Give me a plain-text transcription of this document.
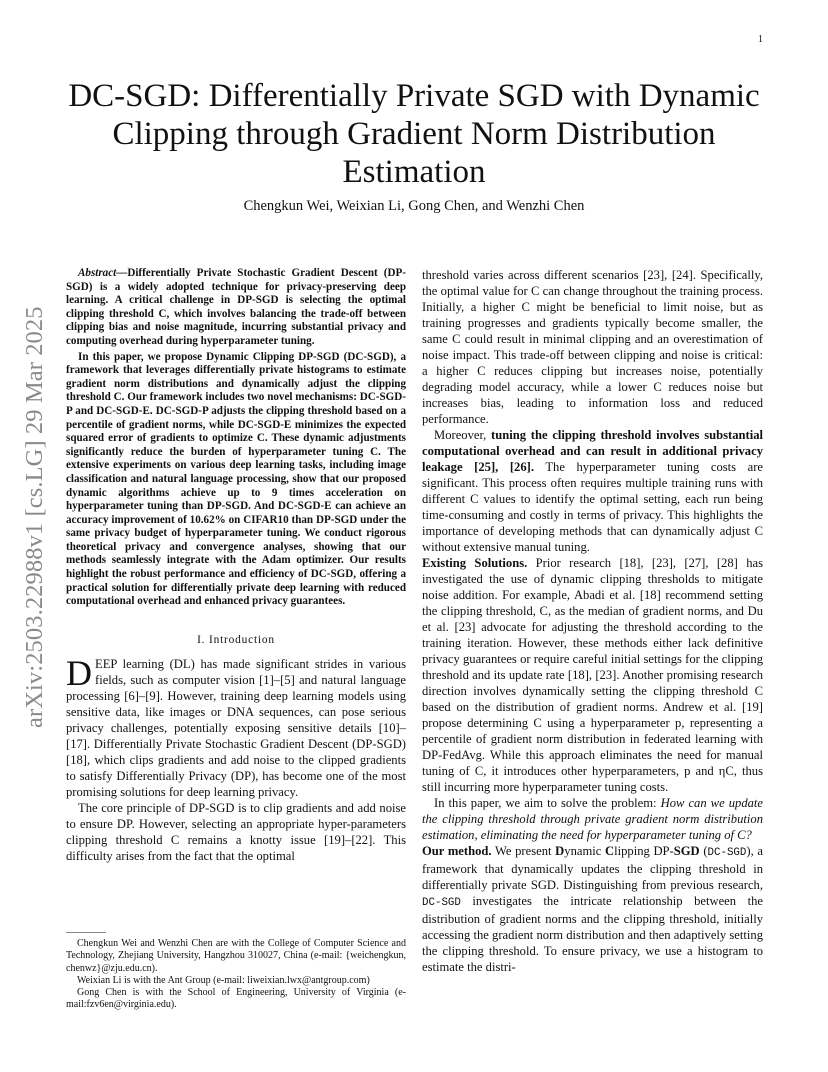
1
arXiv:2503.22988v1 [cs.LG] 29 Mar 2025
DC-SGD: Differentially Private SGD with Dynamic Clipping through Gradient Norm Distribution Estimation
Chengkun Wei, Weixian Li, Gong Chen, and Wenzhi Chen

Abstract—Differentially Private Stochastic Gradient Descent (DP-SGD) is a widely adopted technique for privacy-preserving deep learning. A critical challenge in DP-SGD is selecting the optimal clipping threshold C, which involves balancing the trade-off between clipping bias and noise magnitude, incurring substantial privacy and computing overhead during hyperparameter tuning.

In this paper, we propose Dynamic Clipping DP-SGD (DC-SGD), a framework that leverages differentially private histograms to estimate gradient norm distributions and dynamically adjust the clipping threshold C. Our framework includes two novel mechanisms: DC-SGD-P and DC-SGD-E. DC-SGD-P adjusts the clipping threshold based on a percentile of gradient norms, while DC-SGD-E minimizes the expected squared error of gradients to optimize C. These dynamic adjustments significantly reduce the burden of hyperparameter tuning C. The extensive experiments on various deep learning tasks, including image classification and natural language processing, show that our proposed dynamic algorithms achieve up to 9 times acceleration on hyperparameter tuning than DP-SGD. And DC-SGD-E can achieve an accuracy improvement of 10.62% on CIFAR10 than DP-SGD under the same privacy budget of hyperparameter tuning. We conduct rigorous theoretical privacy and convergence analyses, showing that our methods seamlessly integrate with the Adam optimizer. Our results highlight the robust performance and efficiency of DC-SGD, offering a practical solution for differentially private deep learning with reduced computational overhead and enhanced privacy guarantees.

I. Introduction

DEEP learning (DL) has made significant strides in various fields, such as computer vision [1]–[5] and natural language processing [6]–[9]. However, training deep learning models using sensitive data, like images or DNA sequences, can pose serious privacy challenges, potentially exposing sensitive details [10]–[17]. Differentially Private Stochastic Gradient Descent (DP-SGD) [18], which clips gradients and add noise to the clipped gradients to satisfy Differentially Privacy (DP), has become one of the most promising solutions for deep learning privacy.

The core principle of DP-SGD is to clip gradients and add noise to ensure DP. However, selecting an appropriate hyper-parameters clipping threshold C remains a knotty issue [19]–[22]. This difficulty arises from the fact that the optimal

Chengkun Wei and Wenzhi Chen are with the College of Computer Science and Technology, Zhejiang University, Hangzhou 310027, China (e-mail: {weichengkun, chenwz}@zju.edu.cn).

Weixian Li is with the Ant Group (e-mail: liweixian.lwx@antgroup.com)

Gong Chen is with the School of Engineering, University of Virginia (e-mail:fzv6en@virginia.edu).

threshold varies across different scenarios [23], [24]. Specifically, the optimal value for C can change throughout the training process. Initially, a higher C might be beneficial to limit noise, but as training progresses and gradients typically become smaller, the same C could result in minimal clipping and an overestimation of noise impact. This trade-off between clipping and noise is critical: a higher C reduces clipping but increases noise, potentially degrading model accuracy, while a lower C reduces noise but increases bias, leading to information loss and reduced performance.

Moreover, tuning the clipping threshold involves substantial computational overhead and can result in additional privacy leakage [25], [26]. The hyperparameter tuning costs are significant. This process often requires multiple training runs with different C values to identify the optimal setting, each run being time-consuming and costly in terms of privacy. This highlights the importance of developing methods that can dynamically adjust C without extensive manual tuning.

Existing Solutions. Prior research [18], [23], [27], [28] has investigated the use of dynamic clipping thresholds to mitigate noise addition. For example, Abadi et al. [18] recommend setting the clipping threshold, C, as the median of gradient norms, and Du et al. [23] advocate for adjusting the threshold according to the training iteration. However, these methods either lack definitive privacy guarantees or require careful initial settings for the clipping threshold and its update rate [18], [23]. Another promising research direction involves dynamically setting the clipping threshold C based on the distribution of gradient norms. Andrew et al. [19] propose determining C using a hyperparameter p, representing a percentile of gradient norm distribution in federated learning with DP-FedAvg. While this approach eliminates the need for manual tuning of C, it introduces other hyperparameters, p and ηC, thus still incurring more hyperparameter tuning costs.

In this paper, we aim to solve the problem: How can we update the clipping threshold through private gradient norm distribution estimation, eliminating the need for hyperparameter tuning of C?

Our method. We present Dynamic Clipping DP-SGD (DC-SGD), a framework that dynamically updates the clipping threshold in differentially private SGD. Distinguishing from previous research, DC-SGD investigates the intricate relationship between the distribution of gradient norms and the clipping threshold, initially accessing the gradient norm distribution and then adaptively setting the clipping threshold. To ensure privacy, we use a histogram to estimate the distri-
